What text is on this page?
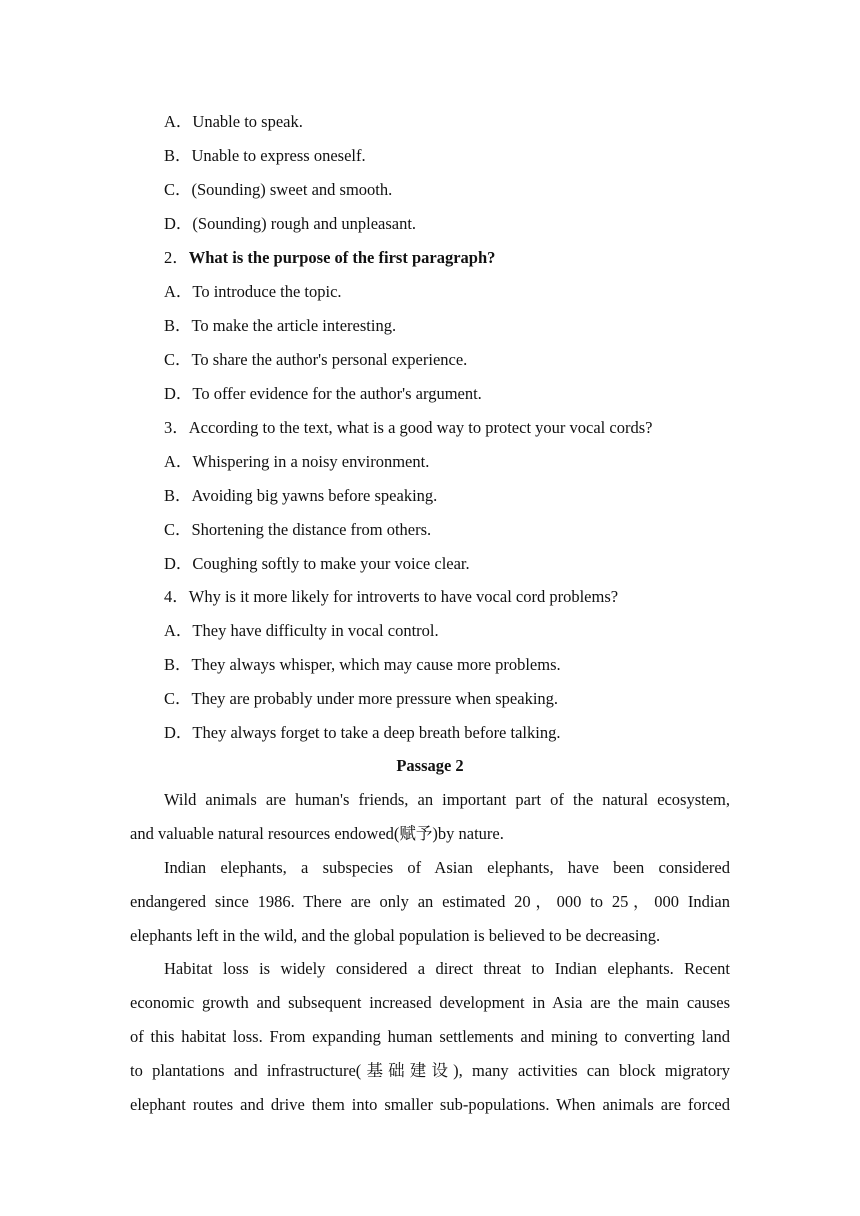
A．Unable to speak.
B．Unable to express oneself.
C．(Sounding) sweet and smooth.
D．(Sounding) rough and unpleasant.
2．What is the purpose of the first paragraph?
A．To introduce the topic.
B．To make the article interesting.
C．To share the author's personal experience.
D．To offer evidence for the author's argument.
3．According to the text, what is a good way to protect your vocal cords?
A．Whispering in a noisy environment.
B．Avoiding big yawns before speaking.
C．Shortening the distance from others.
D．Coughing softly to make your voice clear.
4．Why is it more likely for introverts to have vocal cord problems?
A．They have difficulty in vocal control.
B．They always whisper, which may cause more problems.
C．They are probably under more pressure when speaking.
D．They always forget to take a deep breath before talking.
Passage 2
Wild animals are human's friends, an important part of the natural ecosystem,
and valuable natural resources endowed(赋予)by nature.
Indian elephants, a subspecies of Asian elephants, have been considered
endangered since 1986. There are only an estimated 20，000 to 25，000 Indian
elephants left in the wild, and the global population is believed to be decreasing.
Habitat loss is widely considered a direct threat to Indian elephants. Recent
economic growth and subsequent increased development in Asia are the main causes
of this habitat loss. From expanding human settlements and mining to converting land
to plantations and infrastructure(基础建设), many activities can block migratory
elephant routes and drive them into smaller sub-populations. When animals are forced
